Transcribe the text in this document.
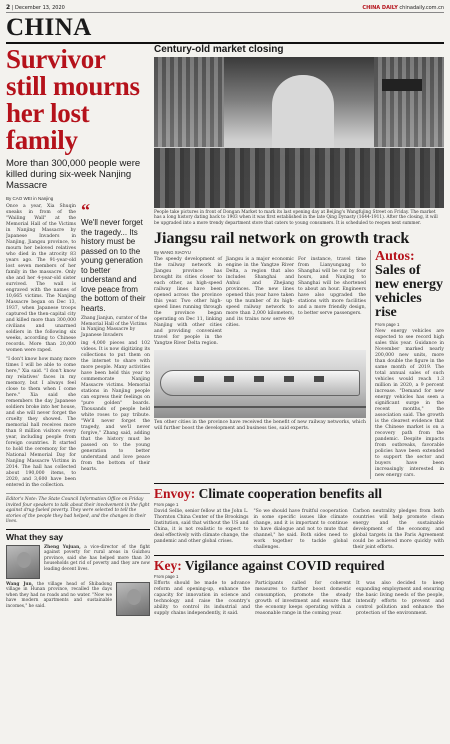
2 | December 13, 2020	CHINA DAILY chinadaily.com.cn
CHINA
Survivor still mourns her lost family
More than 300,000 people were killed during six-week Nanjing Massacre
By CAO WEI in Nanjing

Once a year, Xia Shuqin sneaks in from of the "Wailing Wall" at the Memorial Hall of the Victims in Nanjing Massacre by Japanese Invaders in Nanjing, Jiangsu province, to mourn her beloved relatives who died in the atrocity 83 years ago. The 91-year-old lost seven members of her family in the massacre. Only she and her 4-year-old sister survived. The wall is engraved with the names of 10,665 victims. The Nanjing Massacre began on Dec 13, 1937, when Japanese troops captured the then-capital city and killed more than 300,000 civilians and unarmed soldiers in the following six weeks, according to Chinese records. More than 20,000 women were raped.

"I don't know how many more times I will be able to come here," Xia said. "I don't know my relatives' faces in my memory, but I always feel close to them when I come here." Xia said she remembers the day Japanese soldiers broke into her house, and she will never forget the cruelty they showed. The memorial hall receives more than 8 million visitors every year, including people from foreign countries. It started to hold the ceremony for the National Memorial Day for Nanjing Massacre Victims in 2014. The hall has collected about 190,000 items, to 2020, and 3,600 have been entered in the collection.

“
We'll never forget the tragedy... Its history must be passed on to the young generation to better understand and love peace from the bottom of their hearts.
Zhang Jianjun, curator of the Memorial Hall of the Victims in Nanjing Massacre by Japanese Invaders

ing 4,000 pieces and 102 videos. It is now digitizing its collections to put them on the internet to share with more people. Many activities have been held this year to commemorate Nanjing Massacre victims. Memorial stations in Nanjing people can express their feelings on "pure golden" boards. Thousands of people held white roses to pay tribute. "We'll never forget the tragedy, and we'll never forgive," Zhang said, adding that the history must be passed on to the young generation to better understand and love peace from the bottom of their hearts.

Editor's Note: The State Council Information Office on Friday invited four speakers to talk about their involvement in the fight against drug-fueled poverty. They were selected to tell the stories of the people they had helped, and the changes in their lives.
What they say
Zheng Yujuan, a vice-director of the fight against poverty for rural areas in Guizhou province, said she has helped more than 30 households get rid of poverty and they are now leading decent lives.
Wang Jun, the village head of Shibadong village in Hunan province, recalled the days when they had no roads and no water. "Now we have modern apartments and sustainable incomes," he said.
Century-old market closing
People take pictures in front of Dongan Market to mark its last opening day at Beijing's Wangfujing Street on Friday. The market has a long history dating back to 1903 when it was first established in the late Qing Dynasty (1644-1911). After the closing, it will be upgraded into a more trendy department store that caters to young consumers. It is scheduled to reopen next summer.
Jiangsu rail network on growth track
By WANG XIAOYU

The speedy development of the railway network in Jiangsu province has brought its cities closer to each other, as high-speed railway lines have been opened across the province this year. Two other high-speed lines running through the province began operating on Dec 11, linking Nanjing with other cities and providing convenient travel for people in the Yangtze River Delta region.

Jiangsu is a major economic engine in the Yangtze River Delta, a region that also includes Shanghai and Anhui and Zhejiang provinces. The new lines opened this year have taken up the number of its high-speed railway network to more than 2,000 kilometers, and its trains now serve 49 cities.

For instance, travel time from Lianyungang to Shanghai will be cut by four hours, and Nanjing to Shanghai will be shortened to about an hour. Engineers have also upgraded the stations with more facilities and a more friendly design, to better serve passengers.

Ten other cities in the province have received the benefit of new railway networks, which will further boost the development and business ties, said experts.

Autos: Sales of new energy vehicles rise
From page 1

New energy vehicles are expected to see record high sales this year. Guidance in November marked nearly 200,000 new units, more than double the figure in the same month of 2019. The total annual sales of such vehicles would reach 1.3 million in 2020, a 9 percent increase. "Demand for new energy vehicles has seen a significant surge in the recent months," the association said. The growth is the clearest evidence that the Chinese market is on a recovery path from the pandemic. Despite impacts from outbreaks, favorable policies have been extended to support the sector and buyers have been increasingly interested in new energy cars.

Envoy: Climate cooperation benefits all
From page 1

David Sellie, senior fellow at the John L. Thornton China Center of the Brookings Institution, said that without the US and China, it is not realistic to expect to deal effectively with climate change, the pandemic and other global crises.

"So we should have fruitful cooperation in some specific issues like climate change, and it is important to continue to have dialogue and not to mute that channel," he said. Both sides need to work together to tackle global challenges.

Carbon neutrality pledges from both countries will help promote clean energy and the sustainable development of the economy, and global targets in the Paris Agreement could be achieved more quickly with their joint efforts.

Key: Vigilance against COVID required
From page 1

Efforts should be made to advance reform and opening-up, enhance the capacity for innovation in science and technology and raise the country's ability to control its industrial and supply chains independently, it said.

Participants called for coherent measures to further boost domestic consumption, promote the steady growth of investment and ensure that the economy keeps operating within a reasonable range in the coming year.

It was also decided to keep expanding employment and ensuring the basic living needs of the people, intensify efforts to prevent and control pollution and enhance the protection of the environment.
